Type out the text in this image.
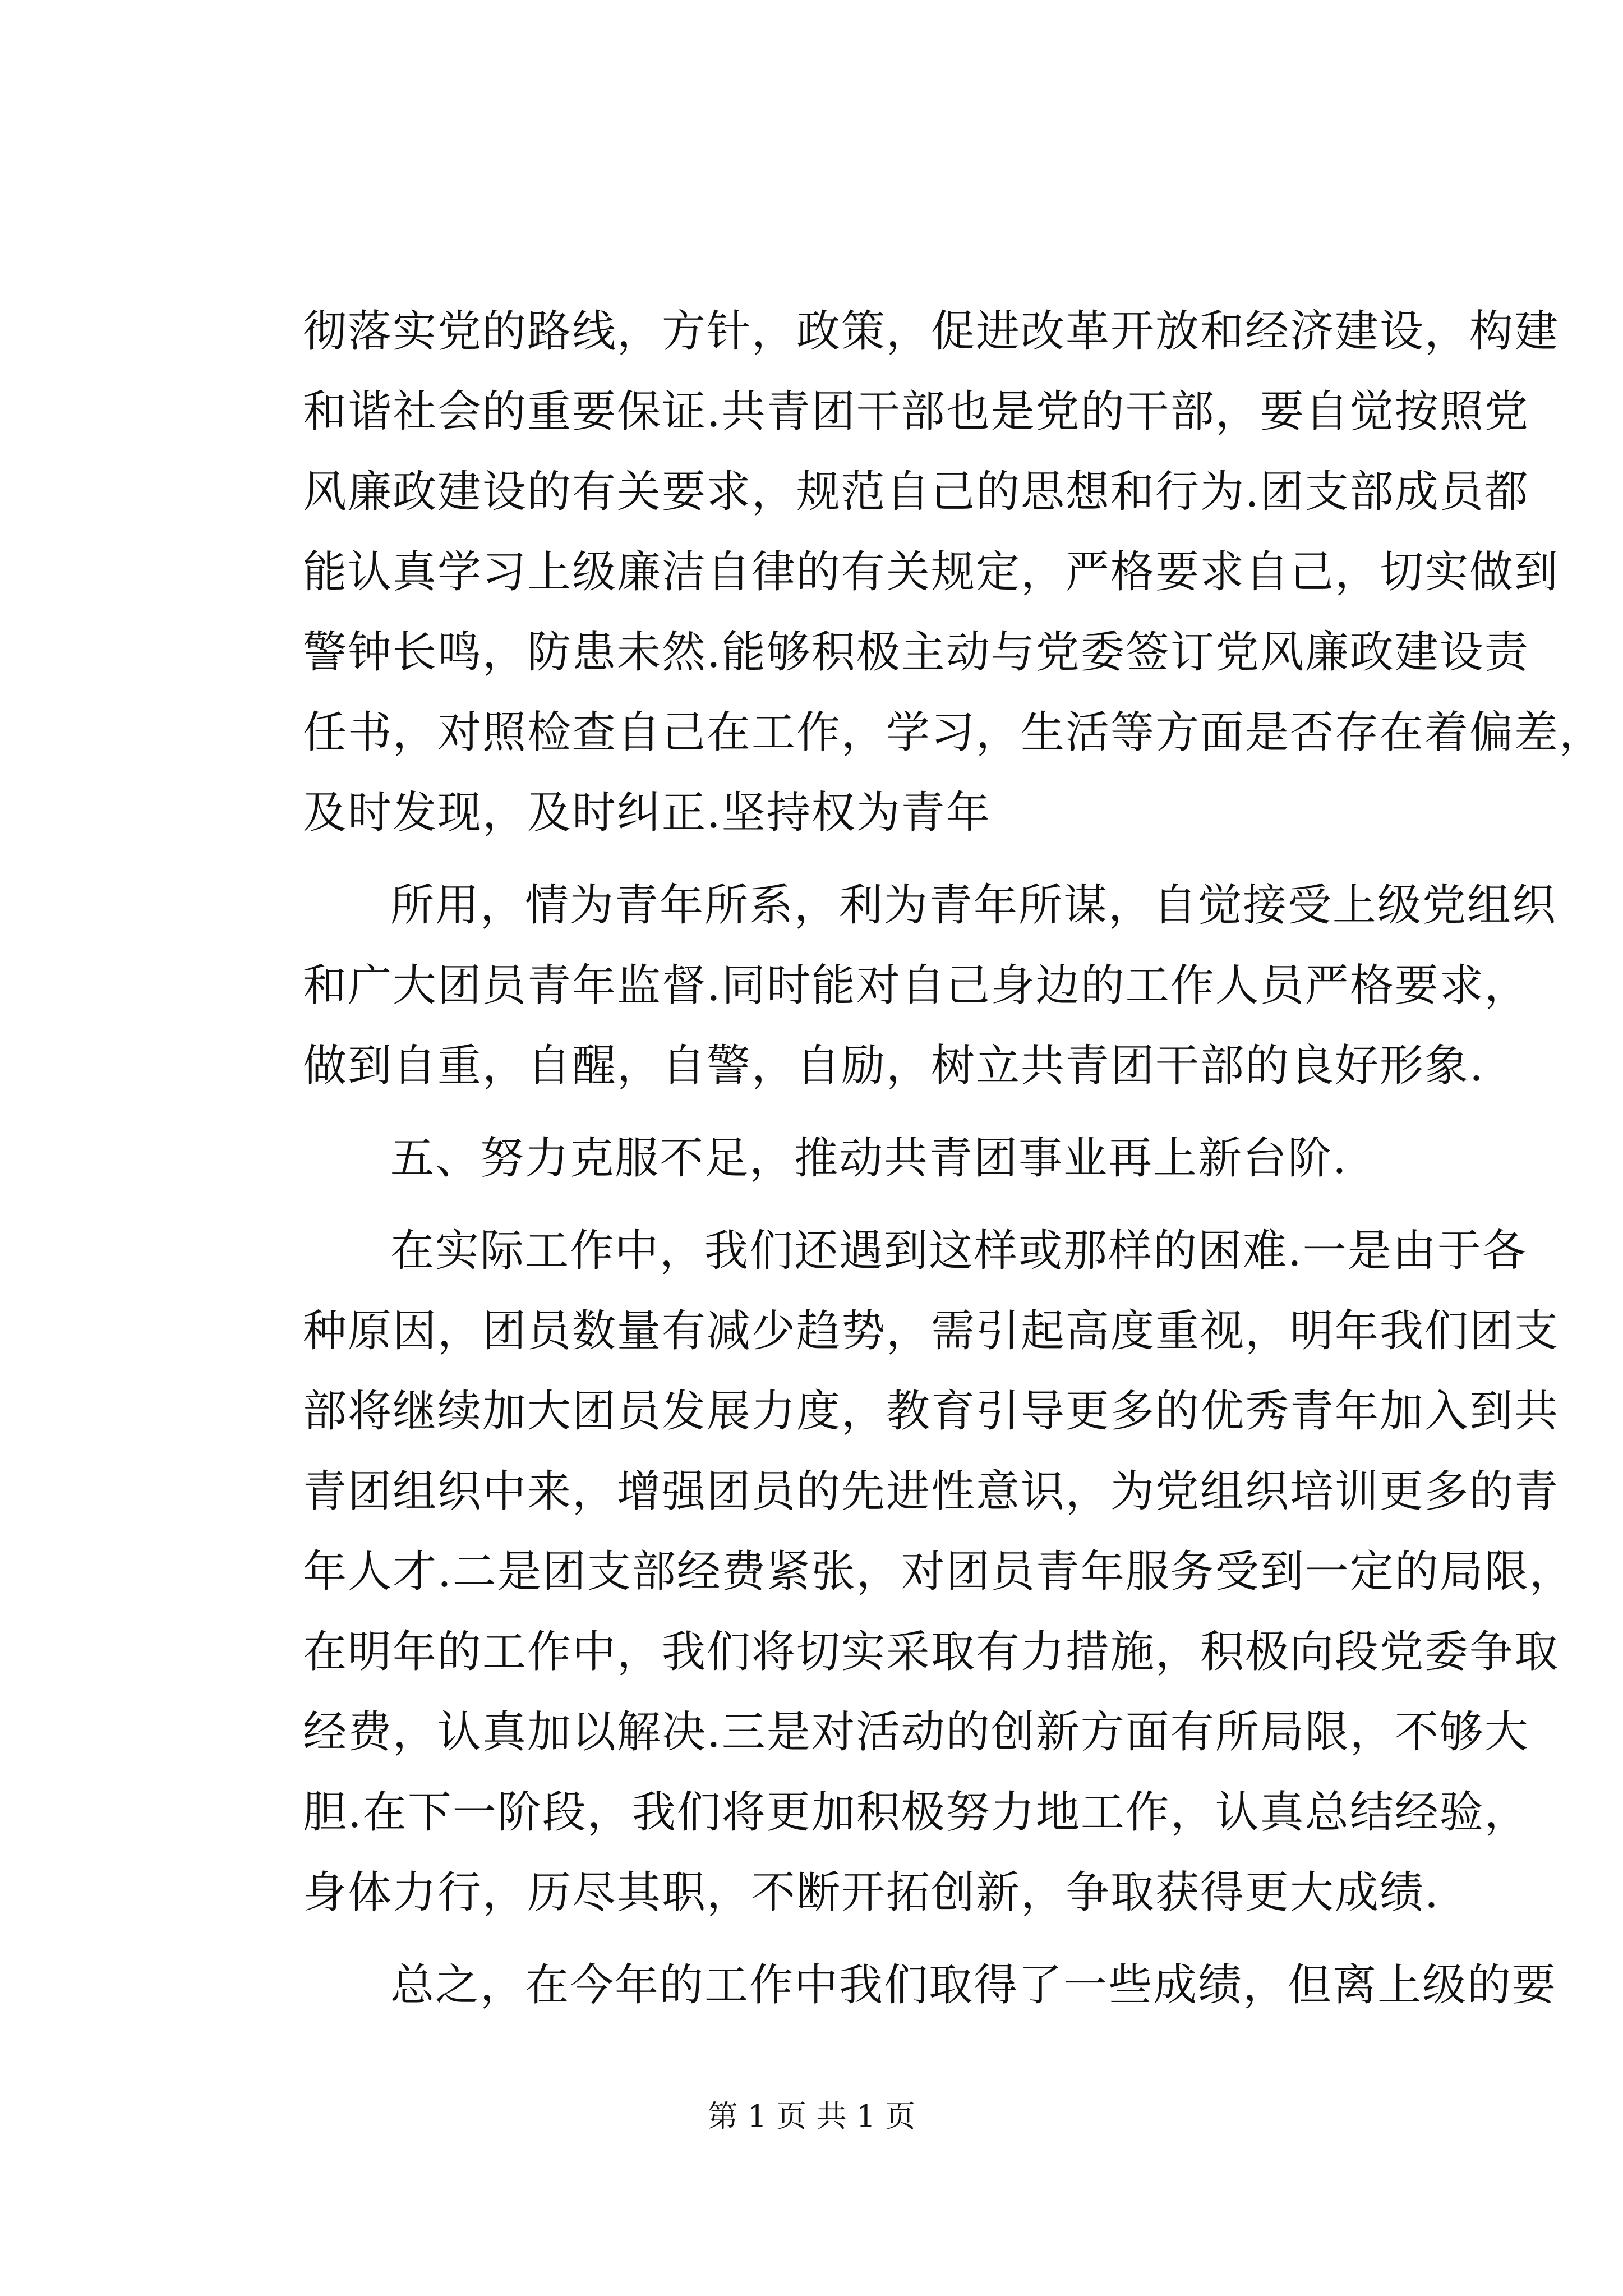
彻落实党的路线，方针，政策，促进改革开放和经济建设，构建
和谐社会的重要保证.共青团干部也是党的干部，要自觉按照党
风廉政建设的有关要求，规范自己的思想和行为.团支部成员都
能认真学习上级廉洁自律的有关规定，严格要求自己，切实做到
警钟长鸣，防患未然.能够积极主动与党委签订党风廉政建设责
任书，对照检查自己在工作，学习，生活等方面是否存在着偏差，
及时发现，及时纠正.坚持权为青年
所用，情为青年所系，利为青年所谋，自觉接受上级党组织
和广大团员青年监督.同时能对自己身边的工作人员严格要求，
做到自重，自醒，自警，自励，树立共青团干部的良好形象.
五、努力克服不足，推动共青团事业再上新台阶.
在实际工作中，我们还遇到这样或那样的困难.一是由于各
种原因，团员数量有减少趋势，需引起高度重视，明年我们团支
部将继续加大团员发展力度，教育引导更多的优秀青年加入到共
青团组织中来，增强团员的先进性意识，为党组织培训更多的青
年人才.二是团支部经费紧张，对团员青年服务受到一定的局限，
在明年的工作中，我们将切实采取有力措施，积极向段党委争取
经费，认真加以解决.三是对活动的创新方面有所局限，不够大
胆.在下一阶段，我们将更加积极努力地工作，认真总结经验，
身体力行，历尽其职，不断开拓创新，争取获得更大成绩.
总之，在今年的工作中我们取得了一些成绩，但离上级的要
第 1 页 共 1 页
